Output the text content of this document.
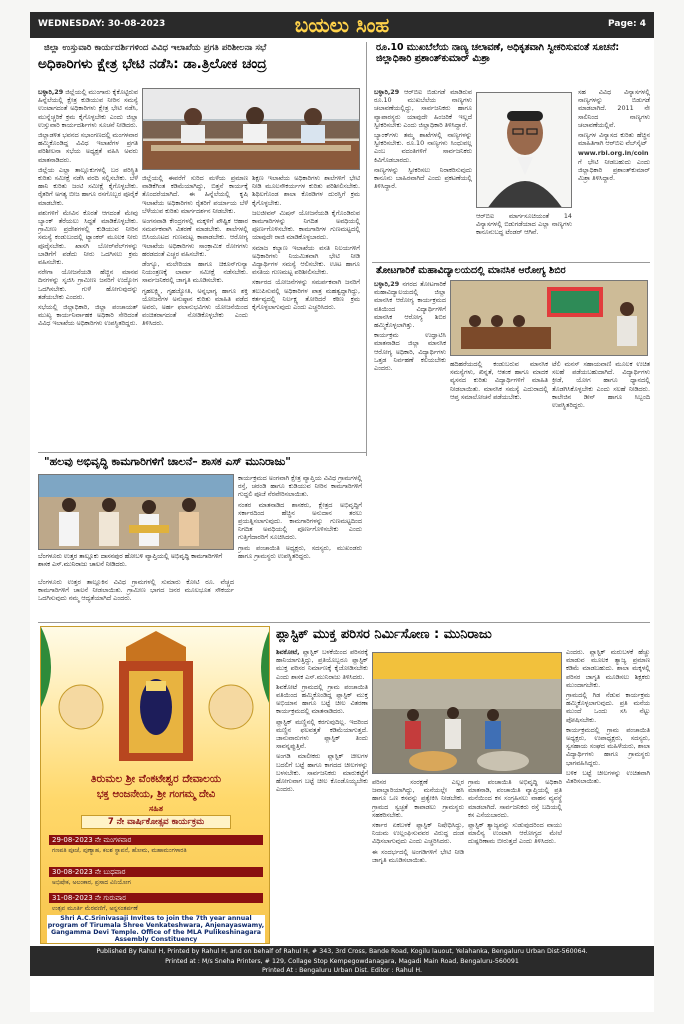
WEDNESDAY: 30-08-2023	ಬಯಲು ಸಿಂಹ	Page: 4
ಜಿಲ್ಲಾ ಉಸ್ತುವಾರಿ ಕಾರ್ಯದರ್ಶಿಗಳಿಂದ ವಿವಿಧ ಇಲಾಖೆಯ ಪ್ರಗತಿ ಪರಿಶೀಲನಾ ಸಭೆ
ಅಧಿಕಾರಿಗಳು ಕ್ಷೇತ್ರ ಭೇಟಿ ನಡೆಸಿ: ಡಾ.ತ್ರಿಲೋಕ ಚಂದ್ರ

ಬಳ್ಳಾರಿ,29 ಜಿಲ್ಲೆಯಲ್ಲಿ ಮುಂಗಾರು ಕೈಕೊಟ್ಟಿರುವ ಹಿನ್ನೆಲೆಯಲ್ಲಿ ಕ್ಷೇತ್ರ ಕುಡಿಯುವ ನೀರಿನ ಸಮಸ್ಯೆ ಉಂಟಾಗದಂತೆ ಅಧಿಕಾರಿಗಳು ಕ್ಷೇತ್ರ ಭೇಟಿ ನಡೆಸಿ, ಮುನ್ನೆಚ್ಚರಿಕೆ ಕ್ರಮ ಕೈಗೊಳ್ಳಬೇಕು ಎಂದು ಜಿಲ್ಲಾ ಉಸ್ತುವಾರಿ ಕಾರ್ಯದರ್ಶಿಗಳು ಸೂಚನೆ ನೀಡಿದರು.

ಜಿಲ್ಲಾಡಳಿತ ಭವನದ ಸಭಾಂಗಣದಲ್ಲಿ ಮಂಗಳವಾರ ಹಮ್ಮಿಕೊಂಡಿದ್ದ ವಿವಿಧ ಇಲಾಖೆಗಳ ಪ್ರಗತಿ ಪರಿಶೀಲನಾ ಸಭೆಯ ಅಧ್ಯಕ್ಷತೆ ವಹಿಸಿ ಅವರು ಮಾತನಾಡಿದರು.

ಜಿಲ್ಲೆಯ ಎಲ್ಲಾ ತಾಲ್ಲೂಕುಗಳಲ್ಲಿ ಬರ ಪರಿಸ್ಥಿತಿ ಕುರಿತು ಸಮೀಕ್ಷೆ ನಡೆಸಿ ವರದಿ ಸಲ್ಲಿಸಬೇಕು. ಬೆಳೆ ಹಾನಿ ಕುರಿತು ಜಂಟಿ ಸಮೀಕ್ಷೆ ಕೈಗೊಳ್ಳಬೇಕು. ರೈತರಿಗೆ ಅಗತ್ಯ ಬೀಜ ಹಾಗೂ ರಸಗೊಬ್ಬರ ಪೂರೈಕೆ ಮಾಡಬೇಕು.

ಪಶುಗಳಿಗೆ ಮೇವಿನ ಕೊರತೆ ಆಗದಂತೆ ಮೇವು ಬ್ಯಾಂಕ್ ತೆರೆಯಲು ಸಿದ್ಧತೆ ಮಾಡಿಕೊಳ್ಳಬೇಕು. ಗ್ರಾಮೀಣ ಪ್ರದೇಶಗಳಲ್ಲಿ ಕುಡಿಯುವ ನೀರಿನ ಸಮಸ್ಯೆ ಕಂಡುಬಂದಲ್ಲಿ ಟ್ಯಾಂಕರ್ ಮೂಲಕ ನೀರು ಪೂರೈಸಬೇಕು. ಖಾಸಗಿ ಬೋರ್‌ವೆಲ್‌ಗಳನ್ನು ಬಾಡಿಗೆಗೆ ಪಡೆದು ನೀರು ಒದಗಿಸಲು ಕ್ರಮ ವಹಿಸಬೇಕು.

ನರೇಗಾ ಯೋಜನೆಯಡಿ ಹೆಚ್ಚಿನ ಮಾನವ ದಿನಗಳನ್ನು ಸೃಜಿಸಿ ಗ್ರಾಮೀಣ ಜನರಿಗೆ ಉದ್ಯೋಗ ಒದಗಿಸಬೇಕು. ಗುಳೆ ಹೋಗುವುದನ್ನು ತಡೆಯಬೇಕು ಎಂದರು.

ಸಭೆಯಲ್ಲಿ ಜಿಲ್ಲಾಧಿಕಾರಿ, ಜಿಲ್ಲಾ ಪಂಚಾಯತ್ ಮುಖ್ಯ ಕಾರ್ಯನಿರ್ವಾಹಕ ಅಧಿಕಾರಿ ಸೇರಿದಂತೆ ವಿವಿಧ ಇಲಾಖೆಯ ಅಧಿಕಾರಿಗಳು ಉಪಸ್ಥಿತರಿದ್ದರು.

ಜಿಲ್ಲೆಯಲ್ಲಿ ಈವರೆಗೆ ಸುರಿದ ಮಳೆಯ ಪ್ರಮಾಣ ವಾಡಿಕೆಗಿಂತ ಕಡಿಮೆಯಾಗಿದ್ದು, ಬಿತ್ತನೆ ಕಾರ್ಯಕ್ಕೆ ತೊಂದರೆಯಾಗಿದೆ. ಈ ಹಿನ್ನೆಲೆಯಲ್ಲಿ ಕೃಷಿ ಇಲಾಖೆಯ ಅಧಿಕಾರಿಗಳು ರೈತರಿಗೆ ಪರ್ಯಾಯ ಬೆಳೆ ಬೆಳೆಯುವ ಕುರಿತು ಮಾರ್ಗದರ್ಶನ ನೀಡಬೇಕು.

ಅಂಗನವಾಡಿ ಕೇಂದ್ರಗಳಲ್ಲಿ ಮಕ್ಕಳಿಗೆ ಪೌಷ್ಟಿಕ ಆಹಾರ ಸಮರ್ಪಕವಾಗಿ ವಿತರಣೆ ಮಾಡಬೇಕು. ಶಾಲೆಗಳಲ್ಲಿ ಬಿಸಿಯೂಟದ ಗುಣಮಟ್ಟ ಕಾಪಾಡಬೇಕು. ಆರೋಗ್ಯ ಇಲಾಖೆಯ ಅಧಿಕಾರಿಗಳು ಸಾಂಕ್ರಾಮಿಕ ರೋಗಗಳು ಹರಡದಂತೆ ಎಚ್ಚರ ವಹಿಸಬೇಕು.

ಡೆಂಗ್ಯೂ, ಮಲೇರಿಯಾ ಹಾಗೂ ಚಿಕೂನ್‌ಗುನ್ಯಾ ನಿಯಂತ್ರಣಕ್ಕೆ ಲಾರ್ವಾ ಸಮೀಕ್ಷೆ ನಡೆಸಬೇಕು. ಸಾರ್ವಜನಿಕರಲ್ಲಿ ಜಾಗೃತಿ ಮೂಡಿಸಬೇಕು.

ಗೃಹಲಕ್ಷ್ಮಿ, ಗೃಹಜ್ಯೋತಿ, ಅನ್ನಭಾಗ್ಯ ಹಾಗೂ ಶಕ್ತಿ ಯೋಜನೆಗಳ ಅನುಷ್ಠಾನ ಕುರಿತು ಮಾಹಿತಿ ಪಡೆದ ಅವರು, ಅರ್ಹ ಫಲಾನುಭವಿಗಳು ಯೋಜನೆಯಿಂದ ವಂಚಿತರಾಗದಂತೆ ನೋಡಿಕೊಳ್ಳಬೇಕು ಎಂದು ತಿಳಿಸಿದರು.

ಶಿಕ್ಷಣ ಇಲಾಖೆಯ ಅಧಿಕಾರಿಗಳು ಶಾಲೆಗಳಿಗೆ ಭೇಟಿ ನೀಡಿ ಮೂಲಸೌಕರ್ಯಗಳ ಕುರಿತು ಪರಿಶೀಲಿಸಬೇಕು. ಶಿಥಿಲಗೊಂಡ ಶಾಲಾ ಕೊಠಡಿಗಳ ದುರಸ್ತಿಗೆ ಕ್ರಮ ಕೈಗೊಳ್ಳಬೇಕು.

ಜಲಜೀವನ್ ಮಿಷನ್ ಯೋಜನೆಯಡಿ ಕೈಗೊಂಡಿರುವ ಕಾಮಗಾರಿಗಳನ್ನು ನಿಗದಿತ ಅವಧಿಯಲ್ಲಿ ಪೂರ್ಣಗೊಳಿಸಬೇಕು. ಕಾಮಗಾರಿಗಳ ಗುಣಮಟ್ಟದಲ್ಲಿ ಯಾವುದೇ ರಾಜಿ ಮಾಡಿಕೊಳ್ಳಬಾರದು.

ಸಮಾಜ ಕಲ್ಯಾಣ ಇಲಾಖೆಯ ವಸತಿ ನಿಲಯಗಳಿಗೆ ಅಧಿಕಾರಿಗಳು ನಿಯಮಿತವಾಗಿ ಭೇಟಿ ನೀಡಿ ವಿದ್ಯಾರ್ಥಿಗಳ ಸಮಸ್ಯೆ ಆಲಿಸಬೇಕು. ಊಟ ಹಾಗೂ ವಸತಿಯ ಗುಣಮಟ್ಟ ಪರಿಶೀಲಿಸಬೇಕು.

ಸರ್ಕಾರದ ಯೋಜನೆಗಳನ್ನು ಸಮರ್ಪಕವಾಗಿ ಜನರಿಗೆ ತಲುಪಿಸುವಲ್ಲಿ ಅಧಿಕಾರಿಗಳ ಪಾತ್ರ ಮಹತ್ವದ್ದಾಗಿದ್ದು, ಕರ್ತವ್ಯದಲ್ಲಿ ನಿರ್ಲಕ್ಷ್ಯ ತೋರಿದರೆ ಕಠಿಣ ಕ್ರಮ ಕೈಗೊಳ್ಳಲಾಗುವುದು ಎಂದು ಎಚ್ಚರಿಸಿದರು.

ರೂ.10 ಮುಖಬೆಲೆಯ ನಾಣ್ಯ ಚಲಾವಣೆ, ಅಧಿಕೃತವಾಗಿ ಸ್ವೀಕರಿಸುವಂತೆ ಸೂಚನೆ: ಜಿಲ್ಲಾಧಿಕಾರಿ ಪ್ರಶಾಂತ್‌ಕುಮಾರ್ ಮಿಶ್ರಾ

ಬಳ್ಳಾರಿ,29 ಆರ್‌ಬಿಐ ಬಿಡುಗಡೆ ಮಾಡಿರುವ ರೂ.10 ಮುಖಬೆಲೆಯ ನಾಣ್ಯಗಳು ಚಲಾವಣೆಯಲ್ಲಿದ್ದು, ಸಾರ್ವಜನಿಕರು ಹಾಗೂ ವ್ಯಾಪಾರಸ್ಥರು ಯಾವುದೇ ಹಿಂಜರಿಕೆ ಇಲ್ಲದೆ ಸ್ವೀಕರಿಸಬೇಕು ಎಂದು ಜಿಲ್ಲಾಧಿಕಾರಿ ತಿಳಿಸಿದ್ದಾರೆ.

ಬ್ಯಾಂಕ್‌ಗಳು ತಮ್ಮ ಶಾಖೆಗಳಲ್ಲಿ ನಾಣ್ಯಗಳನ್ನು ಸ್ವೀಕರಿಸಬೇಕು. ರೂ.10 ನಾಣ್ಯಗಳು ಸಿಂಧುವಲ್ಲ ಎಂಬ ವದಂತಿಗಳಿಗೆ ಸಾರ್ವಜನಿಕರು ಕಿವಿಗೊಡಬಾರದು.

ನಾಣ್ಯಗಳನ್ನು ಸ್ವೀಕರಿಸಲು ನಿರಾಕರಿಸುವುದು ಕಾನೂನು ಬಾಹಿರವಾಗಿದೆ ಎಂದು ಪ್ರಕಟಣೆಯಲ್ಲಿ ತಿಳಿಸಿದ್ದಾರೆ.

ಸಹ ವಿವಿಧ ವಿನ್ಯಾಸಗಳಲ್ಲಿ ನಾಣ್ಯಗಳನ್ನು ಬಿಡುಗಡೆ ಮಾಡಲಾಗಿದೆ. 2011 ನೇ ಸಾಲಿನಿಂದ ನಾಣ್ಯಗಳು ಚಲಾವಣೆಯಲ್ಲಿವೆ.

ನಾಣ್ಯಗಳ ವಿನ್ಯಾಸದ ಕುರಿತು ಹೆಚ್ಚಿನ ಮಾಹಿತಿಗಾಗಿ ಆರ್‌ಬಿಐ ವೆಬ್‌ಸೈಟ್

www.rbi.org.in/coin ಗೆ ಭೇಟಿ ನೀಡಬಹುದು ಎಂದು ಜಿಲ್ಲಾಧಿಕಾರಿ ಪ್ರಶಾಂತ್‌ಕುಮಾರ್ ಮಿಶ್ರಾ ತಿಳಿಸಿದ್ದಾರೆ.

ಆರ್‌ಬಿಐ ಮಾರ್ಗಸೂಚಿಯಂತೆ 14 ವಿನ್ಯಾಸಗಳಲ್ಲಿ ಬಿಡುಗಡೆಯಾದ ಎಲ್ಲಾ ನಾಣ್ಯಗಳು ಕಾನೂನುಬದ್ಧ ಟೆಂಡರ್ ಆಗಿವೆ.

ತೋಟಗಾರಿಕೆ ಮಹಾವಿದ್ಯಾಲಯದಲ್ಲಿ ಮಾನಸಿಕ ಆರೋಗ್ಯ ಶಿಬಿರ

ಬಳ್ಳಾರಿ,29 ನಗರದ ತೋಟಗಾರಿಕೆ ಮಹಾವಿದ್ಯಾಲಯದಲ್ಲಿ ಜಿಲ್ಲಾ ಮಾನಸಿಕ ಆರೋಗ್ಯ ಕಾರ್ಯಕ್ರಮದ ವತಿಯಿಂದ ವಿದ್ಯಾರ್ಥಿಗಳಿಗೆ ಮಾನಸಿಕ ಆರೋಗ್ಯ ಶಿಬಿರ ಹಮ್ಮಿಕೊಳ್ಳಲಾಗಿತ್ತು.

ಕಾರ್ಯಕ್ರಮ ಉದ್ಘಾಟಿಸಿ ಮಾತನಾಡಿದ ಜಿಲ್ಲಾ ಮಾನಸಿಕ ಆರೋಗ್ಯ ಅಧಿಕಾರಿ, ವಿದ್ಯಾರ್ಥಿಗಳು ಒತ್ತಡ ನಿರ್ವಹಣೆ ಕಲಿಯಬೇಕು ಎಂದರು.

ಹದಿಹರೆಯದಲ್ಲಿ ಕಂಡುಬರುವ ಮಾನಸಿಕ ಸಮಸ್ಯೆಗಳು, ಖಿನ್ನತೆ, ಆತಂಕ ಹಾಗೂ ಮಾದಕ ವ್ಯಸನದ ಕುರಿತು ವಿದ್ಯಾರ್ಥಿಗಳಿಗೆ ಮಾಹಿತಿ ನೀಡಲಾಯಿತು. ಮಾನಸಿಕ ಸಮಸ್ಯೆ ಎದುರಾದಲ್ಲಿ ಆಪ್ತ ಸಮಾಲೋಚನೆ ಪಡೆಯಬೇಕು.

ಟೆಲಿ ಮನಸ್ ಸಹಾಯವಾಣಿ ಮೂಲಕ ಉಚಿತ ಸಲಹೆ ಪಡೆಯಬಹುದಾಗಿದೆ. ವಿದ್ಯಾರ್ಥಿಗಳು ಕ್ರೀಡೆ, ಯೋಗ ಹಾಗೂ ಧ್ಯಾನದಲ್ಲಿ ತೊಡಗಿಸಿಕೊಳ್ಳಬೇಕು ಎಂದು ಸಲಹೆ ನೀಡಿದರು. ಕಾಲೇಜಿನ ಡೀನ್ ಹಾಗೂ ಸಿಬ್ಬಂದಿ ಉಪಸ್ಥಿತರಿದ್ದರು.

"ಹಲವು ಅಭಿವೃದ್ಧಿ ಕಾಮಗಾರಿಗಳಿಗೆ ಚಾಲನೆ– ಶಾಸಕ ಎಸ್ ಮುನಿರಾಜು"
ಬೆಂಗಳೂರು ಉತ್ತರ ತಾಲ್ಲೂಕು ದಾಸನಪುರ ಹೋಬಳಿ ವ್ಯಾಪ್ತಿಯಲ್ಲಿ ಅಭಿವೃದ್ಧಿ ಕಾಮಗಾರಿಗಳಿಗೆ ಶಾಸಕ ಎಸ್.ಮುನಿರಾಜು ಚಾಲನೆ ನೀಡಿದರು.

ಕಾರ್ಯಕ್ರಮದ ಅಂಗವಾಗಿ ಕ್ಷೇತ್ರ ವ್ಯಾಪ್ತಿಯ ವಿವಿಧ ಗ್ರಾಮಗಳಲ್ಲಿ ರಸ್ತೆ, ಚರಂಡಿ ಹಾಗೂ ಕುಡಿಯುವ ನೀರಿನ ಕಾಮಗಾರಿಗಳಿಗೆ ಗುದ್ದಲಿ ಪೂಜೆ ನೆರವೇರಿಸಲಾಯಿತು.

ನಂತರ ಮಾತನಾಡಿದ ಶಾಸಕರು, ಕ್ಷೇತ್ರದ ಅಭಿವೃದ್ಧಿಗೆ ಸರ್ಕಾರದಿಂದ ಹೆಚ್ಚಿನ ಅನುದಾನ ತರಲು ಪ್ರಯತ್ನಿಸಲಾಗುವುದು. ಕಾಮಗಾರಿಗಳನ್ನು ಗುಣಮಟ್ಟದಿಂದ ನಿಗದಿತ ಅವಧಿಯಲ್ಲಿ ಪೂರ್ಣಗೊಳಿಸಬೇಕು ಎಂದು ಗುತ್ತಿಗೆದಾರರಿಗೆ ಸೂಚಿಸಿದರು.

ಗ್ರಾಮ ಪಂಚಾಯಿತಿ ಅಧ್ಯಕ್ಷರು, ಸದಸ್ಯರು, ಮುಖಂಡರು ಹಾಗೂ ಗ್ರಾಮಸ್ಥರು ಉಪಸ್ಥಿತರಿದ್ದರು.

ಬೆಂಗಳೂರು ಉತ್ತರ ತಾಲ್ಲೂಕಿನ ವಿವಿಧ ಗ್ರಾಮಗಳಲ್ಲಿ ಸುಮಾರು ಕೋಟಿ ರೂ. ವೆಚ್ಚದ ಕಾಮಗಾರಿಗಳಿಗೆ ಚಾಲನೆ ನೀಡಲಾಯಿತು. ಗ್ರಾಮೀಣ ಭಾಗದ ಜನರ ಮೂಲಭೂತ ಸೌಕರ್ಯ ಒದಗಿಸುವುದು ನಮ್ಮ ಆದ್ಯತೆಯಾಗಿದೆ ಎಂದರು.

ತಿರುಮಲ ಶ್ರೀ ವೆಂಕಟೇಶ್ವರ ದೇವಾಲಯ
ಭಕ್ತ ಆಂಜನೇಯ, ಶ್ರೀ ಗಂಗಮ್ಮ ದೇವಿ
ಸಹಿತ
7 ನೇ ವಾರ್ಷಿಕೋತ್ಸವ ಕಾರ್ಯಕ್ರಮ
29-08-2023 ನೇ ಮಂಗಳವಾರ
ಗಣಪತಿ ಪೂಜೆ, ಪುಣ್ಯಾಹ, ಕಲಶ ಸ್ಥಾಪನೆ, ಹೋಮ, ಮಹಾಮಂಗಳಾರತಿ
30-08-2023 ನೇ ಬುಧವಾರ
ಅಭಿಷೇಕ, ಅಲಂಕಾರ, ಪ್ರಸಾದ ವಿನಿಯೋಗ
31-08-2023 ನೇ ಗುರುವಾರ
ಉತ್ಸವ ಮೂರ್ತಿ ಮೆರವಣಿಗೆ, ಅನ್ನಸಂತರ್ಪಣೆ
Shri A.C.Srinivasaji Invites to join the 7th year annual program of Tirumala Shree Venkateshwara, Anjenayaswamy, Gangamma Devi Temple. Office of the MLA Pulikeshinagara Assembly Constituency
ಪ್ಲಾಸ್ಟಿಕ್ ಮುಕ್ತ ಪರಿಸರ ನಿರ್ಮಿಸೋಣ : ಮುನಿರಾಜು

ಶಿವಕೋಟೆ, ಪ್ಲಾಸ್ಟಿಕ್ ಬಳಕೆಯಿಂದ ಪರಿಸರಕ್ಕೆ ಹಾನಿಯಾಗುತ್ತಿದ್ದು, ಪ್ರತಿಯೊಬ್ಬರೂ ಪ್ಲಾಸ್ಟಿಕ್ ಮುಕ್ತ ಪರಿಸರ ನಿರ್ಮಾಣಕ್ಕೆ ಕೈಜೋಡಿಸಬೇಕು ಎಂದು ಶಾಸಕ ಎಸ್.ಮುನಿರಾಜು ತಿಳಿಸಿದರು.

ಶಿವಕೋಟೆ ಗ್ರಾಮದಲ್ಲಿ ಗ್ರಾಮ ಪಂಚಾಯಿತಿ ವತಿಯಿಂದ ಹಮ್ಮಿಕೊಂಡಿದ್ದ ಪ್ಲಾಸ್ಟಿಕ್ ಮುಕ್ತ ಅಭಿಯಾನ ಹಾಗೂ ಬಟ್ಟೆ ಚೀಲ ವಿತರಣಾ ಕಾರ್ಯಕ್ರಮದಲ್ಲಿ ಮಾತನಾಡಿದರು.

ಪ್ಲಾಸ್ಟಿಕ್ ಮಣ್ಣಿನಲ್ಲಿ ಕರಗುವುದಿಲ್ಲ. ಇದರಿಂದ ಮಣ್ಣಿನ ಫಲವತ್ತತೆ ಕಡಿಮೆಯಾಗುತ್ತದೆ. ಜಾನುವಾರುಗಳು ಪ್ಲಾಸ್ಟಿಕ್ ತಿಂದು ಸಾವನ್ನಪ್ಪುತ್ತಿವೆ.

ಅಂಗಡಿ ಮಾಲೀಕರು ಪ್ಲಾಸ್ಟಿಕ್ ಚೀಲಗಳ ಬದಲಿಗೆ ಬಟ್ಟೆ ಹಾಗೂ ಕಾಗದದ ಚೀಲಗಳನ್ನು ಬಳಸಬೇಕು. ಸಾರ್ವಜನಿಕರು ಮಾರುಕಟ್ಟೆಗೆ ಹೋಗುವಾಗ ಬಟ್ಟೆ ಚೀಲ ಕೊಂಡೊಯ್ಯಬೇಕು ಎಂದರು.

ಪರಿಸರ ಸಂರಕ್ಷಣೆ ಎಲ್ಲರ ಜವಾಬ್ದಾರಿಯಾಗಿದ್ದು, ಮನೆಯಲ್ಲೇ ಹಸಿ ಹಾಗೂ ಒಣ ಕಸವನ್ನು ಪ್ರತ್ಯೇಕಿಸಿ ನೀಡಬೇಕು. ಗ್ರಾಮದ ಸ್ವಚ್ಛತೆ ಕಾಪಾಡಲು ಗ್ರಾಮಸ್ಥರು ಸಹಕರಿಸಬೇಕು.

ಸರ್ಕಾರ ಏಕಬಳಕೆ ಪ್ಲಾಸ್ಟಿಕ್ ನಿಷೇಧಿಸಿದ್ದು, ನಿಯಮ ಉಲ್ಲಂಘಿಸುವವರ ವಿರುದ್ಧ ದಂಡ ವಿಧಿಸಲಾಗುವುದು ಎಂದು ಎಚ್ಚರಿಸಿದರು.

ಈ ಸಂದರ್ಭದಲ್ಲಿ ಅಂಗಡಿಗಳಿಗೆ ಭೇಟಿ ನೀಡಿ ಜಾಗೃತಿ ಮೂಡಿಸಲಾಯಿತು.

ಗ್ರಾಮ ಪಂಚಾಯಿತಿ ಅಭಿವೃದ್ಧಿ ಅಧಿಕಾರಿ ಮಾತನಾಡಿ, ಪಂಚಾಯಿತಿ ವ್ಯಾಪ್ತಿಯಲ್ಲಿ ಪ್ರತಿ ಮನೆಯಿಂದ ಕಸ ಸಂಗ್ರಹಿಸಲು ವಾಹನ ವ್ಯವಸ್ಥೆ ಮಾಡಲಾಗಿದೆ. ಸಾರ್ವಜನಿಕರು ರಸ್ತೆ ಬದಿಯಲ್ಲಿ ಕಸ ಎಸೆಯಬಾರದು.

ಪ್ಲಾಸ್ಟಿಕ್ ತ್ಯಾಜ್ಯವನ್ನು ಸುಡುವುದರಿಂದ ವಾಯು ಮಾಲಿನ್ಯ ಉಂಟಾಗಿ ಆರೋಗ್ಯದ ಮೇಲೆ ದುಷ್ಪರಿಣಾಮ ಬೀರುತ್ತದೆ ಎಂದು ತಿಳಿಸಿದರು.

ಎಂದರು. ಪ್ಲಾಸ್ಟಿಕ್ ಮರುಬಳಕೆ ಹೆಚ್ಚು ಮಾಡುವ ಮೂಲಕ ತ್ಯಾಜ್ಯ ಪ್ರಮಾಣ ಕಡಿಮೆ ಮಾಡಬಹುದು. ಶಾಲಾ ಮಕ್ಕಳಲ್ಲಿ ಪರಿಸರ ಜಾಗೃತಿ ಮೂಡಿಸಲು ಶಿಕ್ಷಕರು ಮುಂದಾಗಬೇಕು.

ಗ್ರಾಮದಲ್ಲಿ ಗಿಡ ನೆಡುವ ಕಾರ್ಯಕ್ರಮ ಹಮ್ಮಿಕೊಳ್ಳಲಾಗುವುದು. ಪ್ರತಿ ಮನೆಯ ಮುಂದೆ ಒಂದು ಸಸಿ ನೆಟ್ಟು ಪೋಷಿಸಬೇಕು.

ಕಾರ್ಯಕ್ರಮದಲ್ಲಿ ಗ್ರಾಮ ಪಂಚಾಯಿತಿ ಅಧ್ಯಕ್ಷರು, ಉಪಾಧ್ಯಕ್ಷರು, ಸದಸ್ಯರು, ಸ್ವಸಹಾಯ ಸಂಘದ ಮಹಿಳೆಯರು, ಶಾಲಾ ವಿದ್ಯಾರ್ಥಿಗಳು ಹಾಗೂ ಗ್ರಾಮಸ್ಥರು ಭಾಗವಹಿಸಿದ್ದರು.

ಬಳಿಕ ಬಟ್ಟೆ ಚೀಲಗಳನ್ನು ಉಚಿತವಾಗಿ ವಿತರಿಸಲಾಯಿತು.

Published By Rahul H, Printed by Rahul H, and on behalf of Rahul H, # 343, 3rd Cross, Bande Road, Kogilu lauout, Yelahanka, Bengaluru Urban Dist-560064.
Printed at : M/s Sneha Printers, # 129, Collage Stop Kempegowdanagara, Magadi Main Road, Bengaluru-560091
Printed At : Bengaluru Urban Dist. Editor : Rahul H.
